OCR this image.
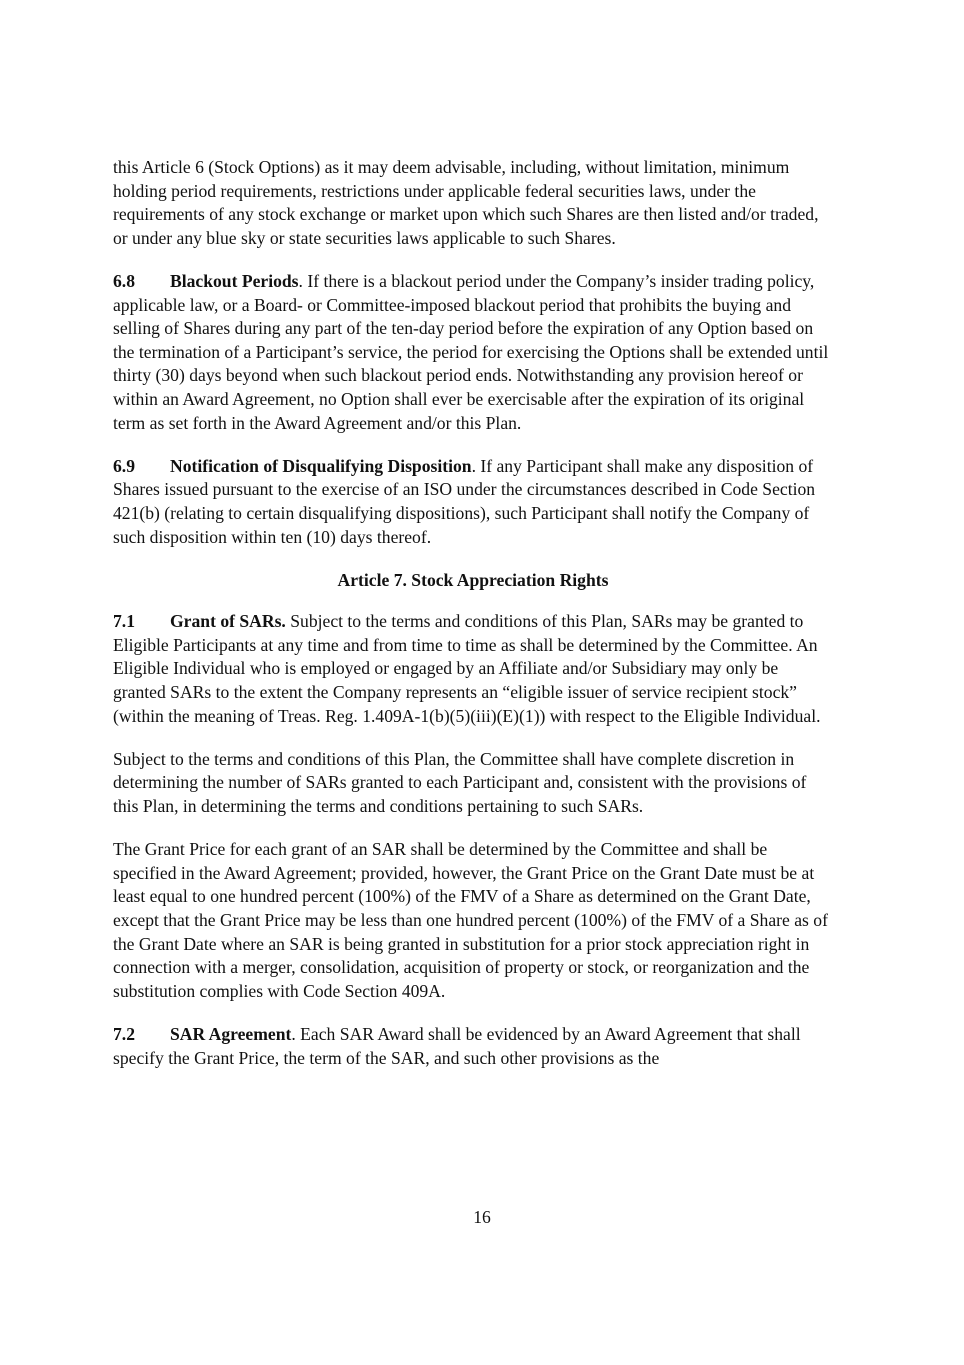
this Article 6 (Stock Options) as it may deem advisable, including, without limitation, minimum holding period requirements, restrictions under applicable federal securities laws, under the requirements of any stock exchange or market upon which such Shares are then listed and/or traded, or under any blue sky or state securities laws applicable to such Shares.

6.8 Blackout Periods. If there is a blackout period under the Company’s insider trading policy, applicable law, or a Board- or Committee-imposed blackout period that prohibits the buying and selling of Shares during any part of the ten-day period before the expiration of any Option based on the termination of a Participant’s service, the period for exercising the Options shall be extended until thirty (30) days beyond when such blackout period ends. Notwithstanding any provision hereof or within an Award Agreement, no Option shall ever be exercisable after the expiration of its original term as set forth in the Award Agreement and/or this Plan.

6.9 Notification of Disqualifying Disposition. If any Participant shall make any disposition of Shares issued pursuant to the exercise of an ISO under the circumstances described in Code Section 421(b) (relating to certain disqualifying dispositions), such Participant shall notify the Company of such disposition within ten (10) days thereof.

Article 7. Stock Appreciation Rights

7.1 Grant of SARs. Subject to the terms and conditions of this Plan, SARs may be granted to Eligible Participants at any time and from time to time as shall be determined by the Committee. An Eligible Individual who is employed or engaged by an Affiliate and/or Subsidiary may only be granted SARs to the extent the Company represents an “eligible issuer of service recipient stock” (within the meaning of Treas. Reg. 1.409A-1(b)(5)(iii)(E)(1)) with respect to the Eligible Individual.

Subject to the terms and conditions of this Plan, the Committee shall have complete discretion in determining the number of SARs granted to each Participant and, consistent with the provisions of this Plan, in determining the terms and conditions pertaining to such SARs.

The Grant Price for each grant of an SAR shall be determined by the Committee and shall be specified in the Award Agreement; provided, however, the Grant Price on the Grant Date must be at least equal to one hundred percent (100%) of the FMV of a Share as determined on the Grant Date, except that the Grant Price may be less than one hundred percent (100%) of the FMV of a Share as of the Grant Date where an SAR is being granted in substitution for a prior stock appreciation right in connection with a merger, consolidation, acquisition of property or stock, or reorganization and the substitution complies with Code Section 409A.

7.2 SAR Agreement. Each SAR Award shall be evidenced by an Award Agreement that shall specify the Grant Price, the term of the SAR, and such other provisions as the

16
